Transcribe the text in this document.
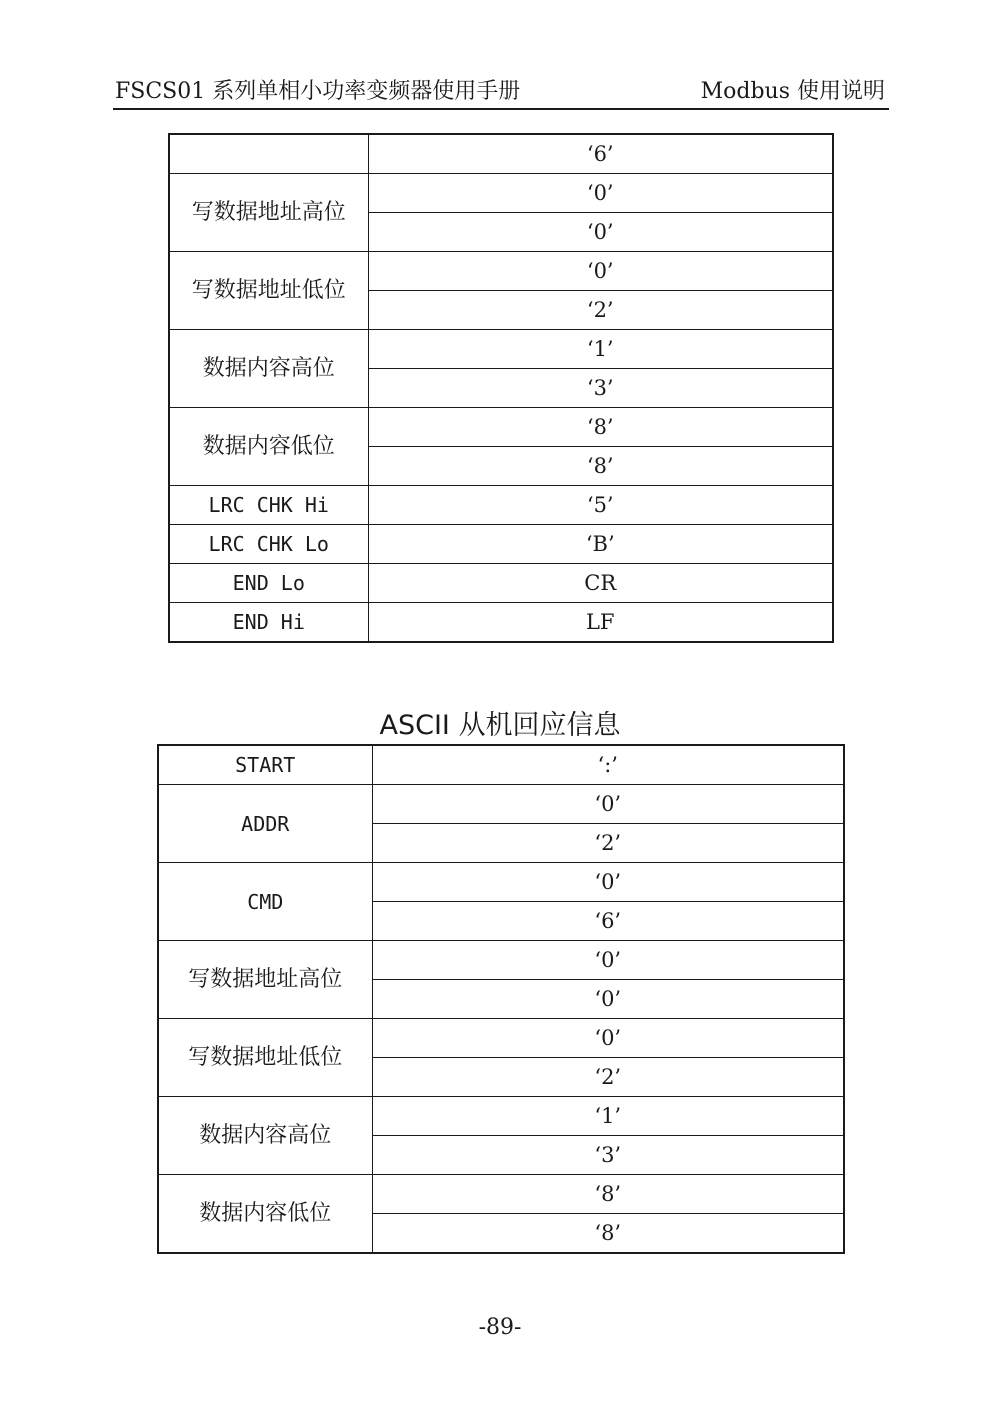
FSCS01 系列单相小功率变频器使用手册	Modbus 使用说明
	‘6’
写数据地址高位	‘0’
	‘0’
写数据地址低位	‘0’
	‘2’
数据内容高位	‘1’
	‘3’
数据内容低位	‘8’
	‘8’
LRC CHK Hi	‘5’
LRC CHK Lo	‘B’
END Lo	CR
END Hi	LF
ASCII 从机回应信息
START	‘:’
ADDR	‘0’
	‘2’
CMD	‘0’
	‘6’
写数据地址高位	‘0’
	‘0’
写数据地址低位	‘0’
	‘2’
数据内容高位	‘1’
	‘3’
数据内容低位	‘8’
	‘8’
-89-
